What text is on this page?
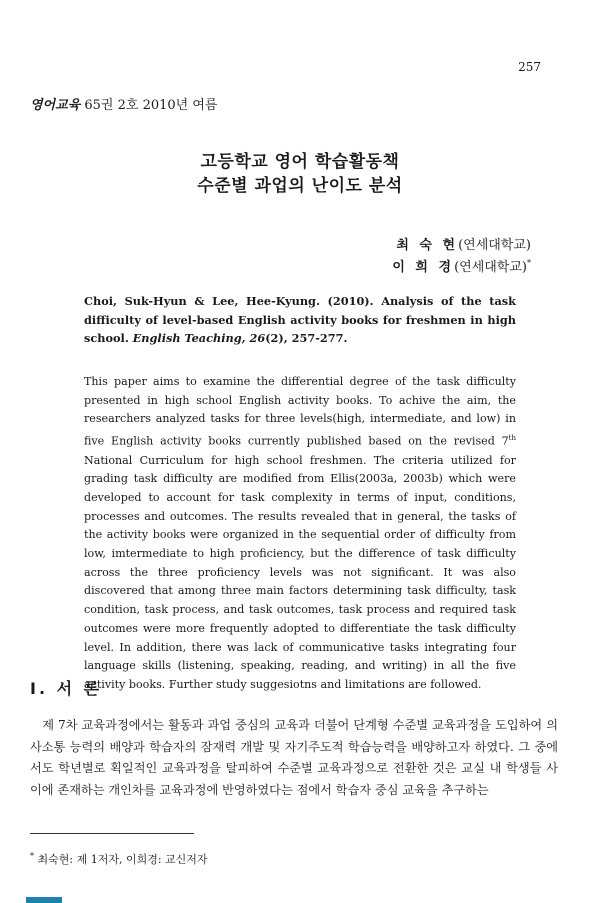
257
영어교육 65권 2호 2010년 여름
고등학교 영어 학습활동책
수준별 과업의 난이도 분석
최 숙 현(연세대학교)
이 희 경(연세대학교)*
Choi, Suk-Hyun & Lee, Hee-Kyung. (2010). Analysis of the task difficulty of level-based English activity books for freshmen in high school. English Teaching, 26(2), 257-277.
This paper aims to examine the differential degree of the task difficulty presented in high school English activity books. To achive the aim, the researchers analyzed tasks for three levels(high, intermediate, and low) in five English activity books currently published based on the revised 7th National Curriculum for high school freshmen. The criteria utilized for grading task difficulty are modified from Ellis(2003a, 2003b) which were developed to account for task complexity in terms of input, conditions, processes and outcomes. The results revealed that in general, the tasks of the activity books were organized in the sequential order of difficulty from low, imtermediate to high proficiency, but the difference of task difficulty across the three proficiency levels was not significant. It was also discovered that among three main factors determining task difficulty, task condition, task process, and task outcomes, task process and required task outcomes were more frequently adopted to differentiate the task difficulty level. In addition, there was lack of communicative tasks integrating four language skills (listening, speaking, reading, and writing) in all the five activity books. Further study suggesiotns and limitations are followed.
I. 서 론
 제 7차 교육과정에서는 활동과 과업 중심의 교육과 더불어 단계형 수준별 교육과정을 도입하여 의사소통 능력의 배양과 학습자의 잠재력 개발 및 자기주도적 학습능력을 배양하고자 하였다. 그 중에서도 학년별로 획일적인 교육과정을 탈피하여 수준별 교육과정으로 전환한 것은 교실 내 학생들 사이에 존재하는 개인차를 교육과정에 반영하였다는 점에서 학습자 중심 교육을 추구하는
* 최숙현: 제 1저자, 이희경: 교신저자
